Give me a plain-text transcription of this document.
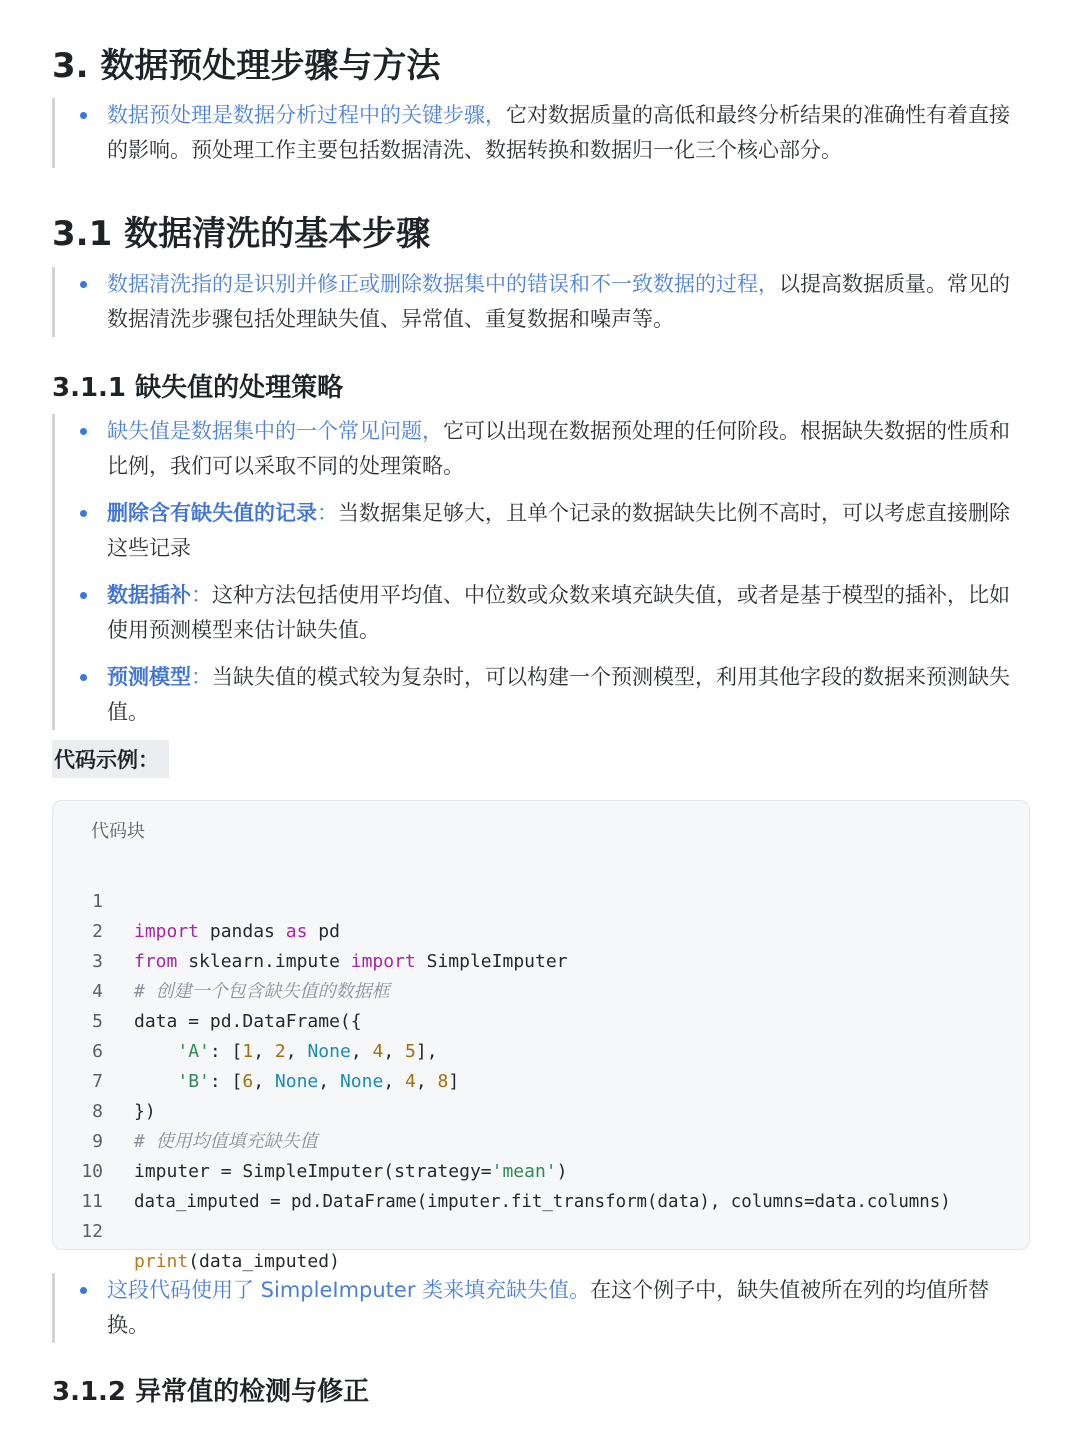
3. 数据预处理步骤与方法
数据预处理是数据分析过程中的关键步骤，它对数据质量的高低和最终分析结果的准确性有着直接的影响。预处理工作主要包括数据清洗、数据转换和数据归一化三个核心部分。
3.1 数据清洗的基本步骤
数据清洗指的是识别并修正或删除数据集中的错误和不一致数据的过程，以提高数据质量。常见的数据清洗步骤包括处理缺失值、异常值、重复数据和噪声等。
3.1.1 缺失值的处理策略
缺失值是数据集中的一个常见问题，它可以出现在数据预处理的任何阶段。根据缺失数据的性质和比例，我们可以采取不同的处理策略。
删除含有缺失值的记录：当数据集足够大，且单个记录的数据缺失比例不高时，可以考虑直接删除这些记录
数据插补：这种方法包括使用平均值、中位数或众数来填充缺失值，或者是基于模型的插补，比如使用预测模型来估计缺失值。
预测模型：当缺失值的模式较为复杂时，可以构建一个预测模型，利用其他字段的数据来预测缺失值。
代码示例：
代码块

1

import pandas as pd

2

from sklearn.impute import SimpleImputer

3

# 创建一个包含缺失值的数据框

4

data = pd.DataFrame({

5

'A': [1, 2, None, 4, 5],

6

'B': [6, None, None, 4, 8]

7

})

8

# 使用均值填充缺失值

9

imputer = SimpleImputer(strategy='mean')

10

data_imputed = pd.DataFrame(imputer.fit_transform(data), columns=data.columns)

11

12

print(data_imputed)

这段代码使用了 SimpleImputer 类来填充缺失值。在这个例子中，缺失值被所在列的均值所替换。
3.1.2 异常值的检测与修正
